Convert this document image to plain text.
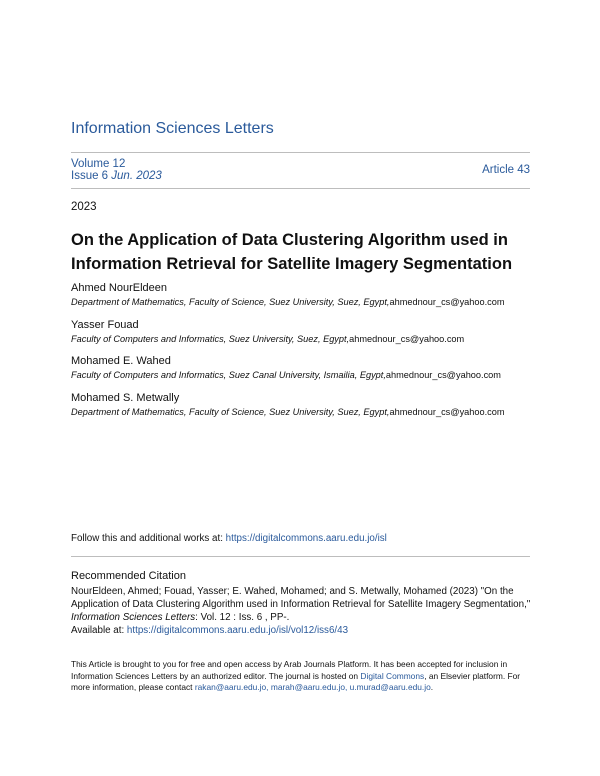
Information Sciences Letters
Volume 12
Issue 6 Jun. 2023	Article 43
2023
On the Application of Data Clustering Algorithm used in Information Retrieval for Satellite Imagery Segmentation
Ahmed NourEldeen
Department of Mathematics, Faculty of Science, Suez University, Suez, Egypt,ahmednour_cs@yahoo.com
Yasser Fouad
Faculty of Computers and Informatics, Suez University, Suez, Egypt,ahmednour_cs@yahoo.com
Mohamed E. Wahed
Faculty of Computers and Informatics, Suez Canal University, Ismailia, Egypt,ahmednour_cs@yahoo.com
Mohamed S. Metwally
Department of Mathematics, Faculty of Science, Suez University, Suez, Egypt,ahmednour_cs@yahoo.com
Follow this and additional works at: https://digitalcommons.aaru.edu.jo/isl
Recommended Citation
NourEldeen, Ahmed; Fouad, Yasser; E. Wahed, Mohamed; and S. Metwally, Mohamed (2023) "On the Application of Data Clustering Algorithm used in Information Retrieval for Satellite Imagery Segmentation," Information Sciences Letters: Vol. 12 : Iss. 6 , PP-.
Available at: https://digitalcommons.aaru.edu.jo/isl/vol12/iss6/43
This Article is brought to you for free and open access by Arab Journals Platform. It has been accepted for inclusion in Information Sciences Letters by an authorized editor. The journal is hosted on Digital Commons, an Elsevier platform. For more information, please contact rakan@aaru.edu.jo, marah@aaru.edu.jo, u.murad@aaru.edu.jo.
